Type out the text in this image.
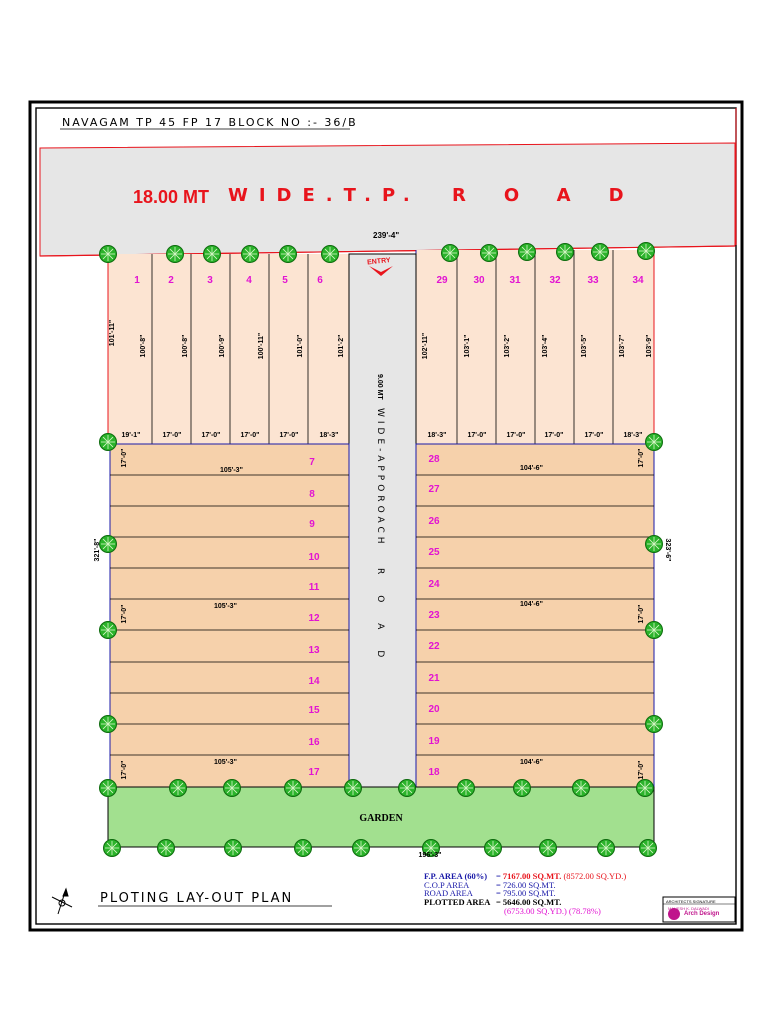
239'-4"
ENTRY
9.00 MT
WIDE-APPOROACH
ROAD
1	2	3	4	5	6	29	30 31	32	33	34
101'-11"	100'-8"	100'-8"	100'-9"	100'-11"	101'-0"	101'-2"	102'-11"	103'-1"	103'-2"	103'-4"	103'-5"	103'-7"	103'-9"
19'-1"	17'-0"	17'-0"	17'-0"	17'-0"	18'-3"	18'-3"	17'-0"	17'-0"	17'-0"	17'-0"	18'-3"
7
8
9
10
11
12
13
14
15
16
17
28
27
26
25
24
23
22
21
20
19
18
105'-3"
105'-3"
105'-3"
104'-6"
104'-6"
104'-6"
17'-0"
17'-0"
17'-0"
17'-0"
17'-0"
17'-0"
321'-8"	323'-6"
GARDEN
196'-3"
NAVAGAM TP 45 FP 17 BLOCK NO :- 36/B
18.00 MT WIDE.T.P. ROAD
PLOTING LAY-OUT PLAN
F.P. AREA (60%) = 7167.00 SQ.MT. (8572.00 SQ.YD.)
C.O.P AREA	= 726.00 SQ.MT.
ROAD AREA	= 795.00 SQ.MT.
PLOTTED AREA = 5646.00 SQ.MT.
(6753.00 SQ.YD.) (78.78%)
ARCHITECTS SIGNATURE
MAHESH K. DALWADI
Arch Design
